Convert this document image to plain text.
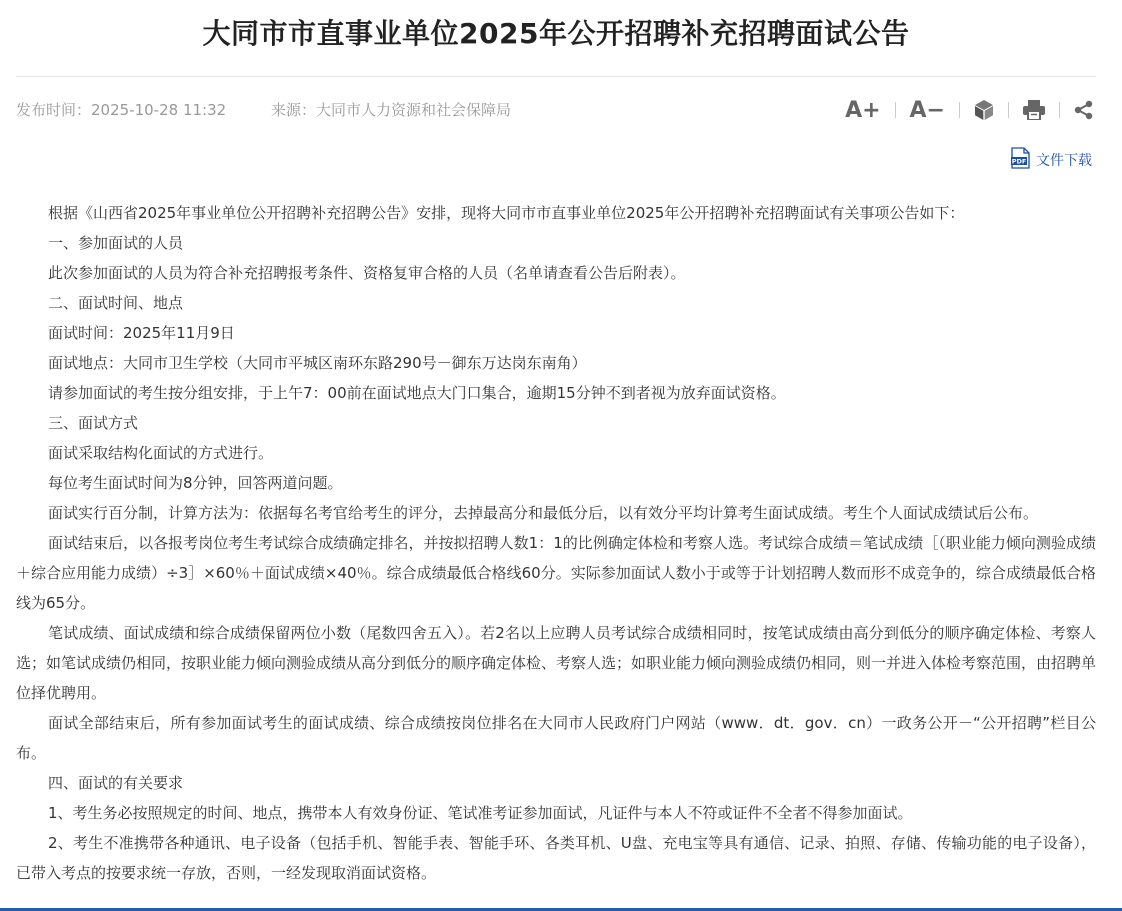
大同市市直事业单位2025年公开招聘补充招聘面试公告
发布时间：2025-10-28 11:32	来源：大同市人力资源和社会保障局	A+ A−
PDF 文件下载

根据《山西省2025年事业单位公开招聘补充招聘公告》安排，现将大同市市直事业单位2025年公开招聘补充招聘面试有关事项公告如下：

一、参加面试的人员

此次参加面试的人员为符合补充招聘报考条件、资格复审合格的人员（名单请查看公告后附表）。

二、面试时间、地点

面试时间：2025年11月9日

面试地点：大同市卫生学校（大同市平城区南环东路290号－御东万达岗东南角）

请参加面试的考生按分组安排，于上午7：00前在面试地点大门口集合，逾期15分钟不到者视为放弃面试资格。

三、面试方式

面试采取结构化面试的方式进行。

每位考生面试时间为8分钟，回答两道问题。

面试实行百分制，计算方法为：依据每名考官给考生的评分，去掉最高分和最低分后，以有效分平均计算考生面试成绩。考生个人面试成绩试后公布。

面试结束后，以各报考岗位考生考试综合成绩确定排名，并按拟招聘人数1：1的比例确定体检和考察人选。考试综合成绩＝笔试成绩［（职业能力倾向测验成绩＋综合应用能力成绩）÷3］×60％＋面试成绩×40％。综合成绩最低合格线60分。实际参加面试人数小于或等于计划招聘人数而形不成竞争的，综合成绩最低合格线为65分。

笔试成绩、面试成绩和综合成绩保留两位小数（尾数四舍五入）。若2名以上应聘人员考试综合成绩相同时，按笔试成绩由高分到低分的顺序确定体检、考察人选；如笔试成绩仍相同，按职业能力倾向测验成绩从高分到低分的顺序确定体检、考察人选；如职业能力倾向测验成绩仍相同，则一并进入体检考察范围，由招聘单位择优聘用。

面试全部结束后，所有参加面试考生的面试成绩、综合成绩按岗位排名在大同市人民政府门户网站（www．dt．gov．cn）一政务公开－“公开招聘”栏目公布。

四、面试的有关要求

1、考生务必按照规定的时间、地点，携带本人有效身份证、笔试准考证参加面试，凡证件与本人不符或证件不全者不得参加面试。

2、考生不准携带各种通讯、电子设备（包括手机、智能手表、智能手环、各类耳机、U盘、充电宝等具有通信、记录、拍照、存储、传输功能的电子设备），已带入考点的按要求统一存放，否则，一经发现取消面试资格。
